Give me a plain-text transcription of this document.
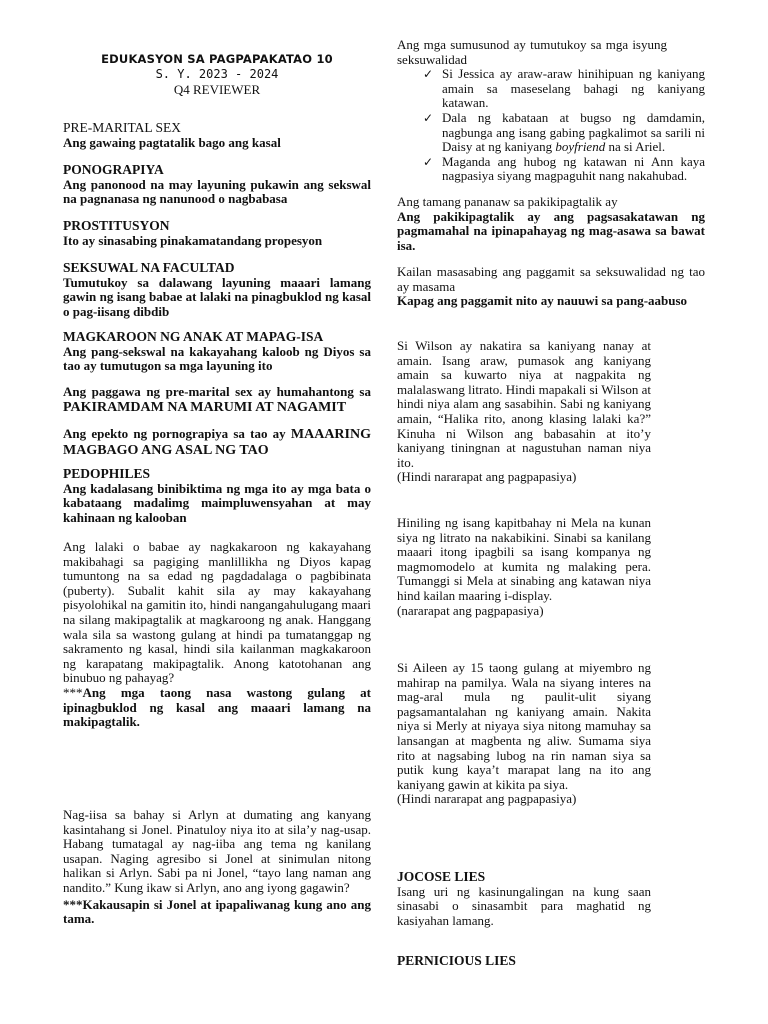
EDUKASYON SA PAGPAPAKATAO 10
S. Y. 2023 - 2024
Q4 REVIEWER

PRE-MARITAL SEX

Ang gawaing pagtatalik bago ang kasal

PONOGRAPIYA

Ang panonood na may layuning pukawin ang sekswal na pagnanasa ng nanunood o nagbabasa

PROSTITUSYON

Ito ay sinasabing pinakamatandang propesyon

SEKSUWAL NA FACULTAD

Tumutukoy sa dalawang layuning maaari lamang gawin ng isang babae at lalaki na pinagbuklod ng kasal o pag-iisang dibdib

MAGKAROON NG ANAK AT MAPAG-ISA

Ang pang-sekswal na kakayahang kaloob ng Diyos sa tao ay tumutugon sa mga layuning ito

Ang paggawa ng pre-marital sex ay humahantong sa PAKIRAMDAM NA MARUMI AT NAGAMIT

Ang epekto ng pornograpiya sa tao ay MAAARING MAGBAGO ANG ASAL NG TAO

PEDOPHILES

Ang kadalasang binibiktima ng mga ito ay mga bata o kabataang madalimg maimpluwensyahan at may kahinaan ng kalooban

Ang lalaki o babae ay nagkakaroon ng kakayahang makibahagi sa pagiging manlillikha ng Diyos kapag tumuntong na sa edad ng pagdadalaga o pagbibinata (puberty). Subalit kahit sila ay may kakayahang pisyolohikal na gamitin ito, hindi nangangahulugang maari na silang makipagtalik at magkaroong ng anak. Hanggang wala sila sa wastong gulang at hindi pa tumatanggap ng sakramento ng kasal, hindi sila kailanman magkakaroon ng karapatang makipagtalik. Anong katotohanan ang binubuo ng pahayag?

***Ang mga taong nasa wastong gulang at ipinagbuklod ng kasal ang maaari lamang na makipagtalik.

Nag-iisa sa bahay si Arlyn at dumating ang kanyang kasintahang si Jonel. Pinatuloy niya ito at sila’y nag-usap. Habang tumatagal ay nag-iiba ang tema ng kanilang usapan. Naging agresibo si Jonel at sinimulan nitong halikan si Arlyn. Sabi pa ni Jonel, “tayo lang naman ang nandito.” Kung ikaw si Arlyn, ano ang iyong gagawin?

***Kakausapin si Jonel at ipapaliwanag kung ano ang tama.

Ang mga sumusunod ay tumutukoy sa mga isyung seksuwalidad

✓ Si Jessica ay araw-araw hinihipuan ng kaniyang amain sa maseselang bahagi ng kaniyang katawan.
✓ Dala ng kabataan at bugso ng damdamin, nagbunga ang isang gabing pagkalimot sa sarili ni Daisy at ng kaniyang boyfriend na si Ariel.
✓ Maganda ang hubog ng katawan ni Ann kaya nagpasiya siyang magpaguhit nang nakahubad.

Ang tamang pananaw sa pakikipagtalik ay

Ang pakikipagtalik ay ang pagsasakatawan ng pagmamahal na ipinapahayag ng mag-asawa sa bawat isa.

Kailan masasabing ang paggamit sa seksuwalidad ng tao ay masama

Kapag ang paggamit nito ay nauuwi sa pang-aabuso

Si Wilson ay nakatira sa kaniyang nanay at amain. Isang araw, pumasok ang kaniyang amain sa kuwarto niya at nagpakita ng malalaswang litrato. Hindi mapakali si Wilson at hindi niya alam ang sasabihin. Sabi ng kaniyang amain, “Halika rito, anong klasing lalaki ka?” Kinuha ni Wilson ang babasahin at ito’y kaniyang tiningnan at nagustuhan naman niya ito.

(Hindi nararapat ang pagpapasiya)

Hiniling ng isang kapitbahay ni Mela na kunan siya ng litrato na nakabikini. Sinabi sa kanilang maaari itong ipagbili sa isang kompanya ng magmomodelo at kumita ng malaking pera. Tumanggi si Mela at sinabing ang katawan niya hind kailan maaring i-display.

(nararapat ang pagpapasiya)

Si Aileen ay 15 taong gulang at miyembro ng mahirap na pamilya. Wala na siyang interes na mag-aral mula ng paulit-ulit siyang pagsamantalahan ng kaniyang amain. Nakita niya si Merly at niyaya siya nitong mamuhay sa lansangan at magbenta ng aliw. Sumama siya rito at nagsabing lubog na rin naman siya sa putik kung kaya’t marapat lang na ito ang kaniyang gawin at kikita pa siya.

(Hindi nararapat ang pagpapasiya)

JOCOSE LIES

Isang uri ng kasinungalingan na kung saan sinasabi o sinasambit para maghatid ng kasiyahan lamang.

PERNICIOUS LIES
